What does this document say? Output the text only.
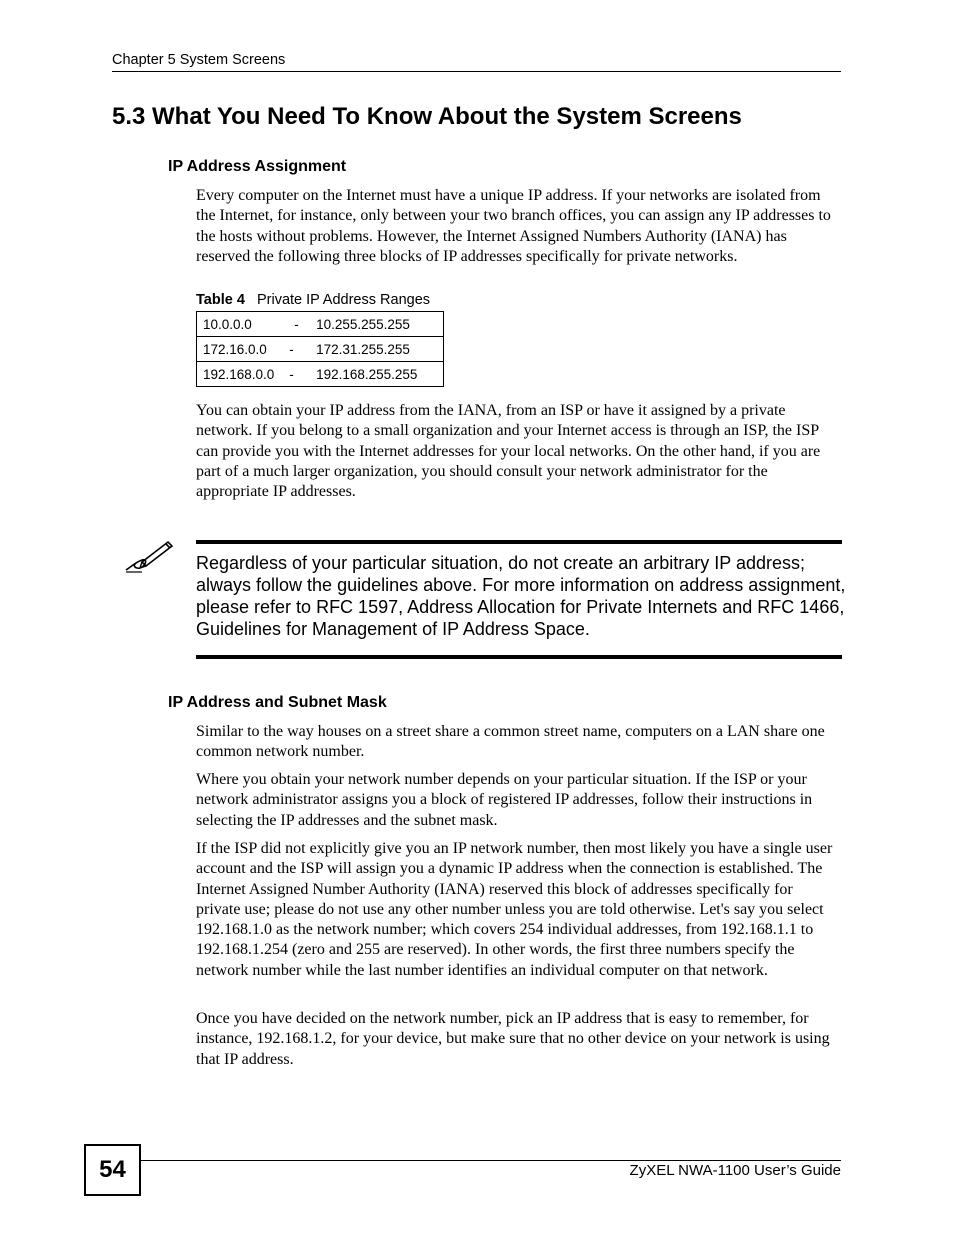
Chapter 5 System Screens
5.3 What You Need To Know About the System Screens
IP Address Assignment
Every computer on the Internet must have a unique IP address. If your networks are isolated from the Internet, for instance, only between your two branch offices, you can assign any IP addresses to the hosts without problems. However, the Internet Assigned Numbers Authority (IANA) has reserved the following three blocks of IP addresses specifically for private networks.
Table 4 Private IP Address Ranges
10.0.0.0	-	10.255.255.255
172.16.0.0	-	172.31.255.255
192.168.0.0	-	192.168.255.255
You can obtain your IP address from the IANA, from an ISP or have it assigned by a private network. If you belong to a small organization and your Internet access is through an ISP, the ISP can provide you with the Internet addresses for your local networks. On the other hand, if you are part of a much larger organization, you should consult your network administrator for the appropriate IP addresses.
Regardless of your particular situation, do not create an arbitrary IP address; always follow the guidelines above. For more information on address assignment, please refer to RFC 1597, Address Allocation for Private Internets and RFC 1466, Guidelines for Management of IP Address Space.
IP Address and Subnet Mask
Similar to the way houses on a street share a common street name, computers on a LAN share one common network number.
Where you obtain your network number depends on your particular situation. If the ISP or your network administrator assigns you a block of registered IP addresses, follow their instructions in selecting the IP addresses and the subnet mask.
If the ISP did not explicitly give you an IP network number, then most likely you have a single user account and the ISP will assign you a dynamic IP address when the connection is established. The Internet Assigned Number Authority (IANA) reserved this block of addresses specifically for private use; please do not use any other number unless you are told otherwise. Let's say you select 192.168.1.0 as the network number; which covers 254 individual addresses, from 192.168.1.1 to 192.168.1.254 (zero and 255 are reserved). In other words, the first three numbers specify the network number while the last number identifies an individual computer on that network.
Once you have decided on the network number, pick an IP address that is easy to remember, for instance, 192.168.1.2, for your device, but make sure that no other device on your network is using that IP address.
54	ZyXEL NWA-1100 User’s Guide
